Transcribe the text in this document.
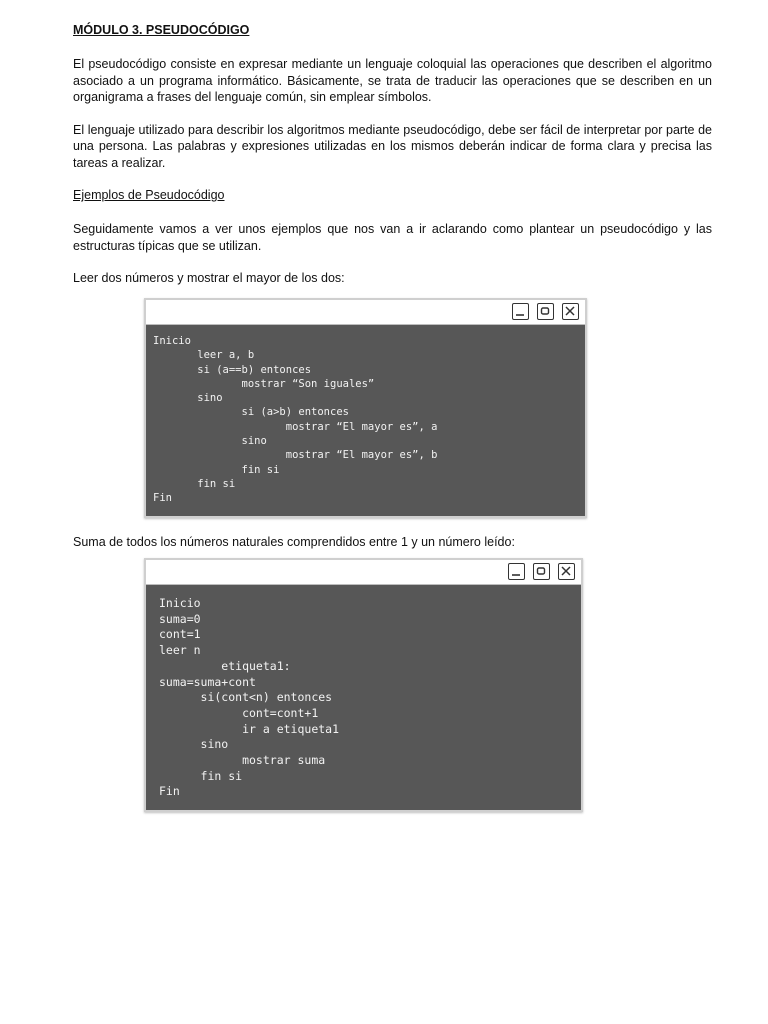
MÓDULO 3. PSEUDOCÓDIGO

El pseudocódigo consiste en expresar mediante un lenguaje coloquial las operaciones que describen el algoritmo asociado a un programa informático. Básicamente, se trata de traducir las operaciones que se describen en un organigrama a frases del lenguaje común, sin emplear símbolos.

El lenguaje utilizado para describir los algoritmos mediante pseudocódigo, debe ser fácil de interpretar por parte de una persona. Las palabras y expresiones utilizadas en los mismos deberán indicar de forma clara y precisa las tareas a realizar.

Ejemplos de Pseudocódigo

Seguidamente vamos a ver unos ejemplos que nos van a ir aclarando como plantear un pseudocódigo y las estructuras típicas que se utilizan.

Leer dos números y mostrar el mayor de los dos:

Inicio
leer a, b
si (a==b) entonces
mostrar “Son iguales”
sino
si (a>b) entonces
mostrar “El mayor es”, a
sino
mostrar “El mayor es”, b
fin si
fin si
Fin

Suma de todos los números naturales comprendidos entre 1 y un número leído:

Inicio
suma=0
cont=1
leer n
etiqueta1:
suma=suma+cont
si(cont<n) entonces
cont=cont+1
ir a etiqueta1
sino
mostrar suma
fin si
Fin
